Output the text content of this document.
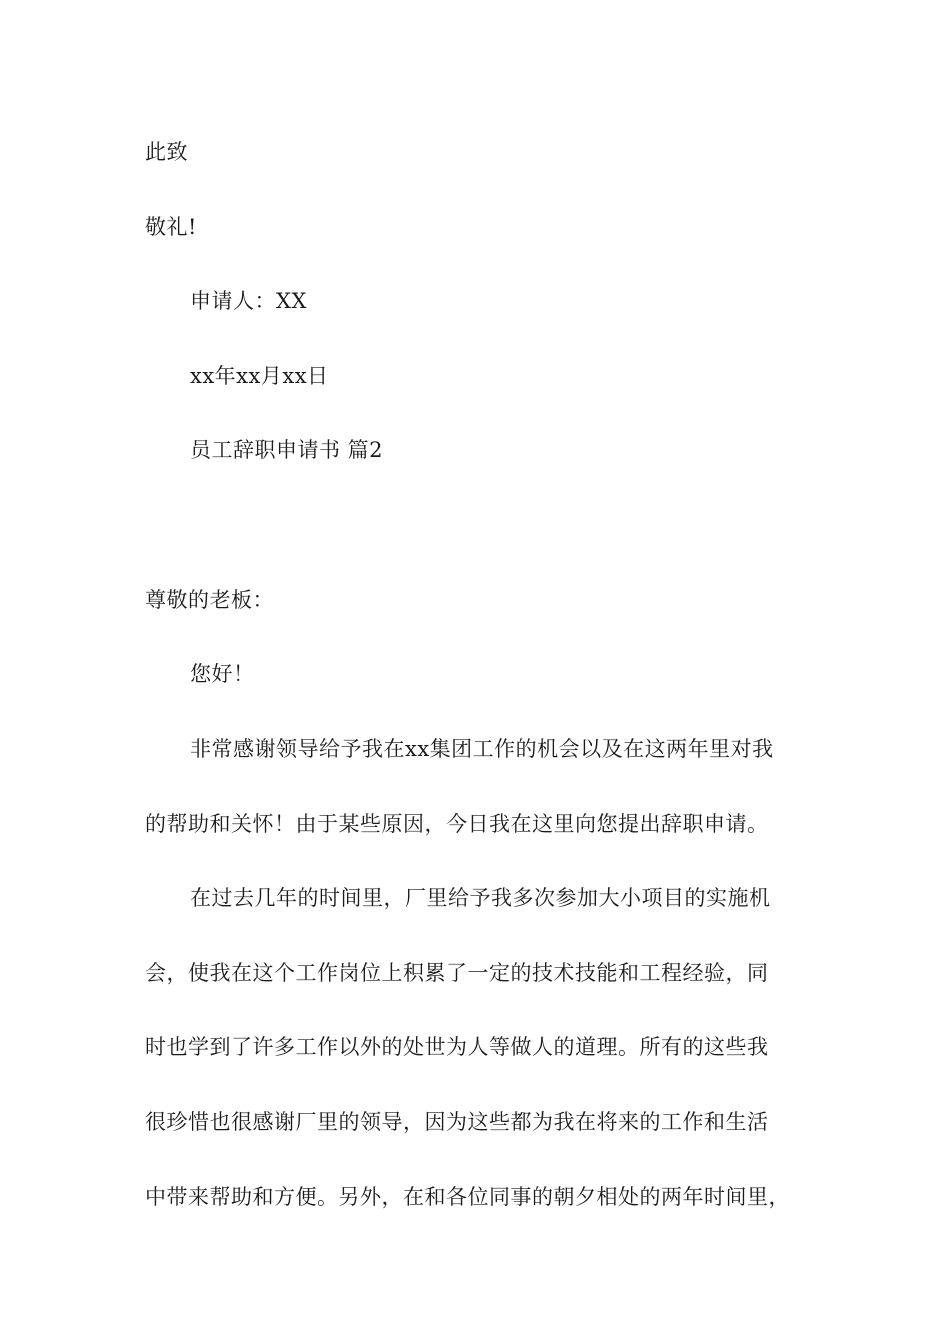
此致
敬礼!
申请人：XX
xx年xx月xx日
员工辞职申请书 篇2
尊敬的老板：
您好！
非常感谢领导给予我在xx集团工作的机会以及在这两年里对我
的帮助和关怀！由于某些原因，今日我在这里向您提出辞职申请。
在过去几年的时间里，厂里给予我多次参加大小项目的实施机
会，使我在这个工作岗位上积累了一定的技术技能和工程经验，同
时也学到了许多工作以外的处世为人等做人的道理。所有的这些我
很珍惜也很感谢厂里的领导，因为这些都为我在将来的工作和生活
中带来帮助和方便。另外，在和各位同事的朝夕相处的两年时间里，
